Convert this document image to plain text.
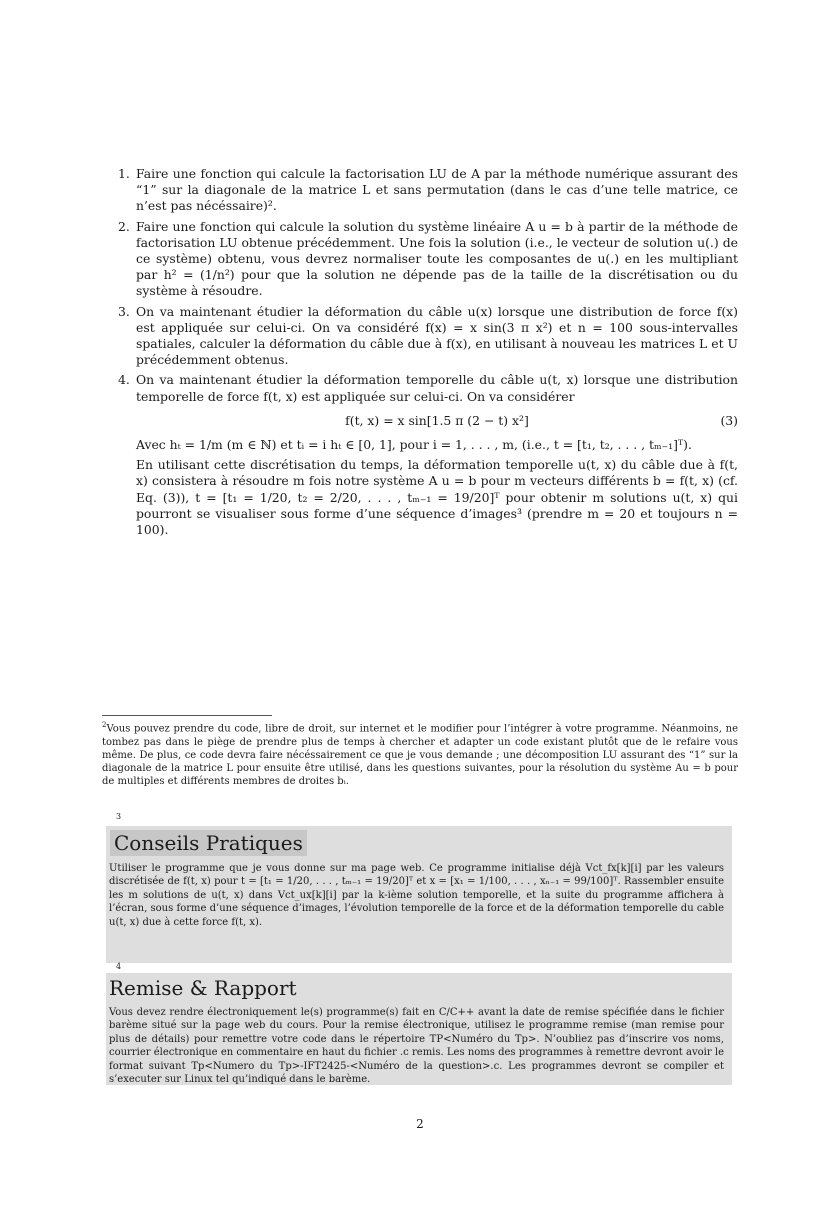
1. Faire une fonction qui calcule la factorisation LU de A par la méthode numérique assurant des “1” sur la diagonale de la matrice L et sans permutation (dans le cas d’une telle matrice, ce n’est pas nécéssaire)².

2. Faire une fonction qui calcule la solution du système linéaire A u = b à partir de la méthode de factorisation LU obtenue précédemment. Une fois la solution (i.e., le vecteur de solution u(.) de ce système) obtenu, vous devrez normaliser toute les composantes de u(.) en les multipliant par h² = (1/n²) pour que la solution ne dépende pas de la taille de la discrétisation ou du système à résoudre.

3. On va maintenant étudier la déformation du câble u(x) lorsque une distribution de force f(x) est appliquée sur celui-ci. On va considéré f(x) = x sin(3 π x²) et n = 100 sous-intervalles spatiales, calculer la déformation du câble due à f(x), en utilisant à nouveau les matrices L et U précédemment obtenus.

4. On va maintenant étudier la déformation temporelle du câble u(t, x) lorsque une distribution temporelle de force f(t, x) est appliquée sur celui-ci. On va considérer

f(t, x) = x sin[1.5 π (2 − t) x²]	(3)

Avec hₜ = 1/m (m ∈ ℕ) et tᵢ = i hₜ ∈ [0, 1], pour i = 1, . . . , m, (i.e., t = [t₁, t₂, . . . , tₘ₋₁]ᵀ).

En utilisant cette discrétisation du temps, la déformation temporelle u(t, x) du câble due à f(t, x) consistera à résoudre m fois notre système A u = b pour m vecteurs différents b = f(t, x) (cf. Eq. (3)), t = [t₁ = 1/20, t₂ = 2/20, . . . , tₘ₋₁ = 19/20]ᵀ pour obtenir m solutions u(t, x) qui pourront se visualiser sous forme d’une séquence d’images³ (prendre m = 20 et toujours n = 100).

$^2$Vous pouvez prendre du code, libre de droit, sur internet et le modifier pour l’intégrer à votre programme. Néanmoins, ne tombez pas dans le piège de prendre plus de temps à chercher et adapter un code existant plutôt que de le refaire vous même. De plus, ce code devra faire nécéssairement ce que je vous demande ; une décomposition LU assurant des “1” sur la diagonale de la matrice L pour ensuite être utilisé, dans les questions suivantes, pour la résolution du système Au = b pour de multiples et différents membres de droites bᵢ.
3
Conseils Pratiques
Utiliser le programme que je vous donne sur ma page web. Ce programme initialise déjà Vct_fx[k][i] par les valeurs discrétisée de f(t, x) pour t = [t₁ = 1/20, . . . , tₘ₋₁ = 19/20]ᵀ et x = [x₁ = 1/100, . . . , xₙ₋₁ = 99/100]ᵀ. Rassembler ensuite les m solutions de u(t, x) dans Vct_ux[k][i] par la k-ième solution temporelle, et la suite du programme affichera à l’écran, sous forme d’une séquence d’images, l’évolution temporelle de la force et de la déformation temporelle du cable u(t, x) due à cette force f(t, x).
4
Remise & Rapport
Vous devez rendre électroniquement le(s) programme(s) fait en C/C++ avant la date de remise spécifiée dans le fichier barème situé sur la page web du cours. Pour la remise électronique, utilisez le programme remise (man remise pour plus de détails) pour remettre votre code dans le répertoire TP<Numéro du Tp>. N’oubliez pas d’inscrire vos noms, courrier électronique en commentaire en haut du fichier .c remis. Les noms des programmes à remettre devront avoir le format suivant Tp<Numero du Tp>-IFT2425-<Numéro de la question>.c. Les programmes devront se compiler et s’executer sur Linux tel qu’indiqué dans le barème.
2
